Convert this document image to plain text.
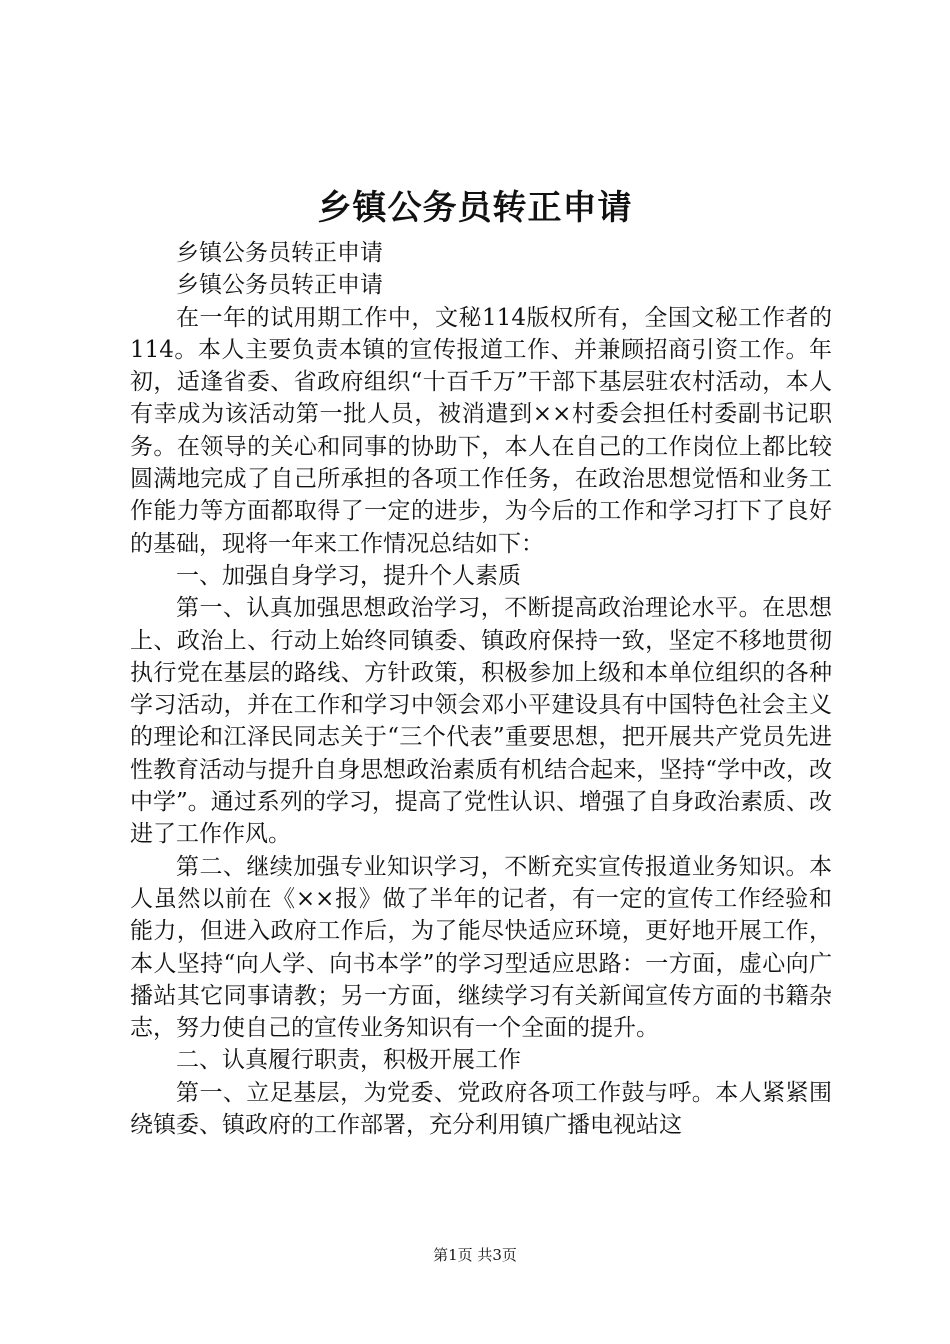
乡镇公务员转正申请

乡镇公务员转正申请

乡镇公务员转正申请

在一年的试用期工作中，文秘114版权所有，全国文秘工作者的114。本人主要负责本镇的宣传报道工作、并兼顾招商引资工作。年初，适逢省委、省政府组织“十百千万”干部下基层驻农村活动，本人有幸成为该活动第一批人员，被消遣到××村委会担任村委副书记职务。在领导的关心和同事的协助下，本人在自己的工作岗位上都比较圆满地完成了自己所承担的各项工作任务，在政治思想觉悟和业务工作能力等方面都取得了一定的进步，为今后的工作和学习打下了良好的基础，现将一年来工作情况总结如下：

一、加强自身学习，提升个人素质

第一、认真加强思想政治学习，不断提高政治理论水平。在思想上、政治上、行动上始终同镇委、镇政府保持一致，坚定不移地贯彻执行党在基层的路线、方针政策，积极参加上级和本单位组织的各种学习活动，并在工作和学习中领会邓小平建设具有中国特色社会主义的理论和江泽民同志关于“三个代表”重要思想，把开展共产党员先进性教育活动与提升自身思想政治素质有机结合起来，坚持“学中改，改中学”。通过系列的学习，提高了党性认识、增强了自身政治素质、改进了工作作风。

第二、继续加强专业知识学习，不断充实宣传报道业务知识。本人虽然以前在《××报》做了半年的记者，有一定的宣传工作经验和能力，但进入政府工作后，为了能尽快适应环境，更好地开展工作，本人坚持“向人学、向书本学”的学习型适应思路：一方面，虚心向广播站其它同事请教；另一方面，继续学习有关新闻宣传方面的书籍杂志，努力使自己的宣传业务知识有一个全面的提升。

二、认真履行职责，积极开展工作

第一、立足基层，为党委、党政府各项工作鼓与呼。本人紧紧围绕镇委、镇政府的工作部署，充分利用镇广播电视站这

第1页 共3页
